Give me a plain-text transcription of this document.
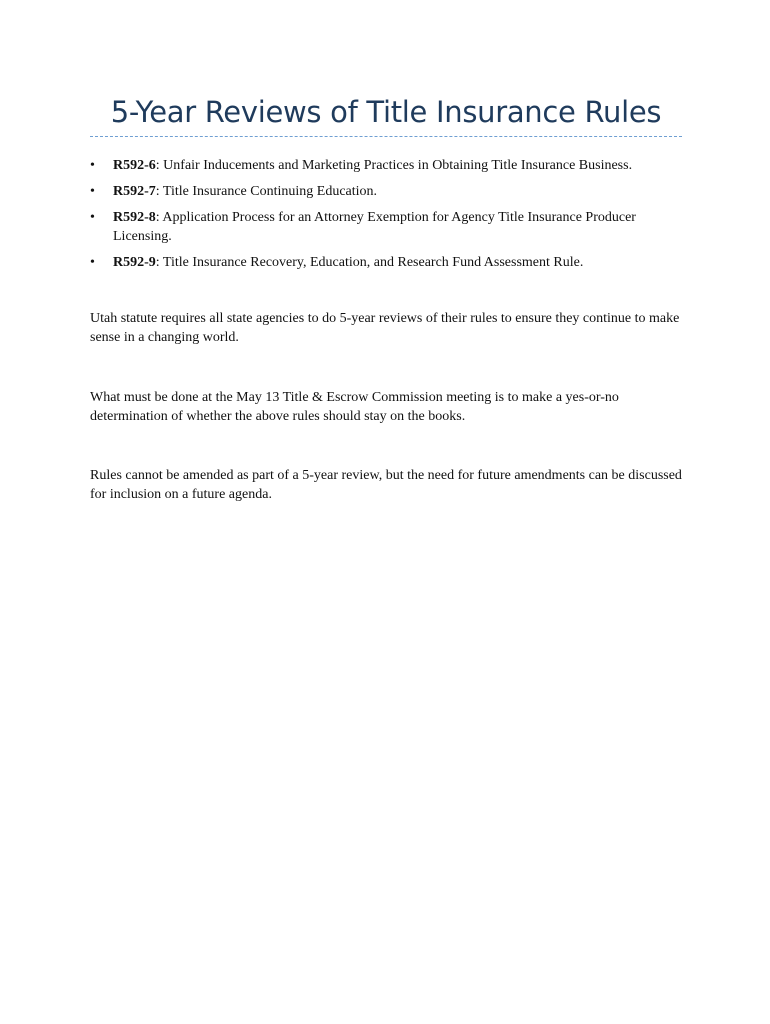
5-Year Reviews of Title Insurance Rules
• R592-6: Unfair Inducements and Marketing Practices in Obtaining Title Insurance Business.
• R592-7: Title Insurance Continuing Education.
• R592-8: Application Process for an Attorney Exemption for Agency Title Insurance Producer Licensing.
• R592-9: Title Insurance Recovery, Education, and Research Fund Assessment Rule.

Utah statute requires all state agencies to do 5-year reviews of their rules to ensure they continue to make sense in a changing world.

What must be done at the May 13 Title & Escrow Commission meeting is to make a yes-or-no determination of whether the above rules should stay on the books.

Rules cannot be amended as part of a 5-year review, but the need for future amendments can be discussed for inclusion on a future agenda.
